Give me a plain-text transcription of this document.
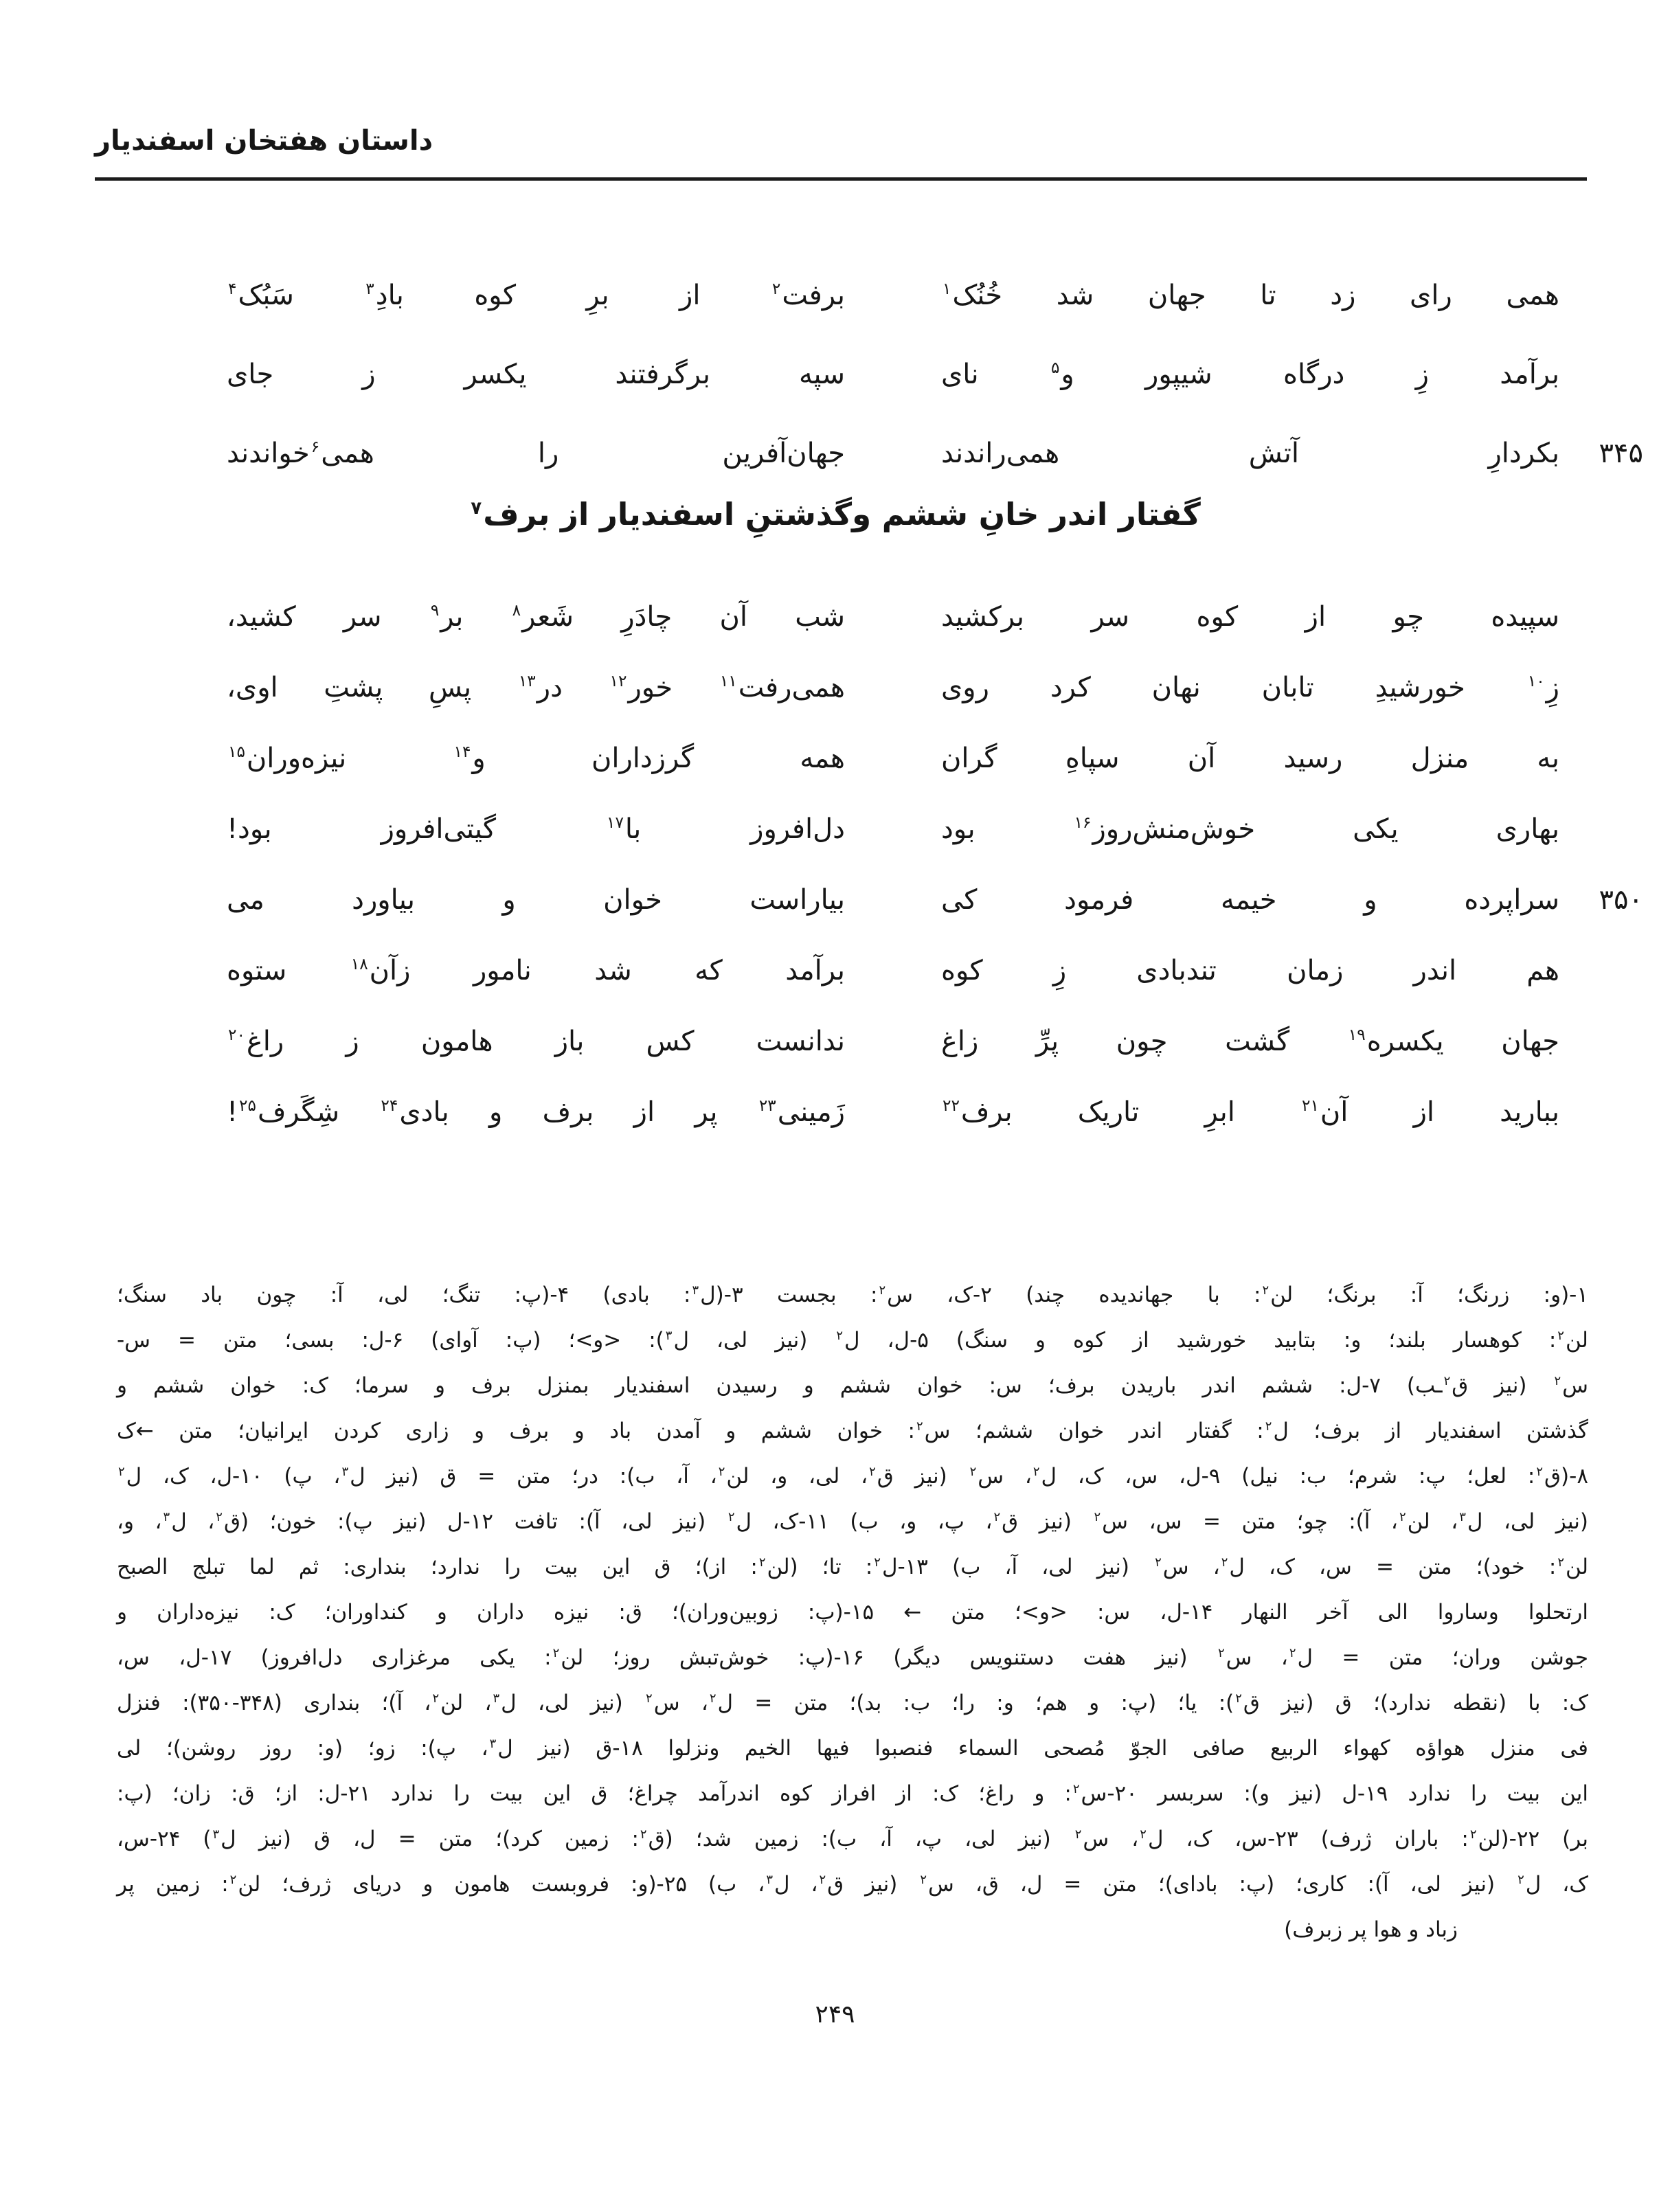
داستان هفتخان اسفندیار
همی رای زد تا جهان شد خُنُک$^۱$
برفت$^۲$ از برِ کوه بادِ$^۳$ سَبُک$^۴$
برآمد زِ درگاه شیپور و$^۵$ نای
سپه برگرفتند یکسر ز جای
۳۴۵
بکردارِ آتش همی‌راندند
جهان‌آفرین را همی$^۶$خواندند
گفتار اندر خانِ ششم وگذشتنِ اسفندیار از برف$^۷$
سپیده چو از کوه سر برکشید
شب آن چادَرِ شَعر$^۸$ بر$^۹$ سر کشید،
زِ$^{۱۰}$ خورشیدِ تابان نهان کرد روی
همی‌رفت$^{۱۱}$ خور$^{۱۲}$ در$^{۱۳}$ پسِ پشتِ اوی،
به منزل رسید آن سپاهِ گران
همه گرزداران و$^{۱۴}$ نیزه‌وران$^{۱۵}$
بهاری یکی خوش‌منش‌روز$^{۱۶}$ بود
دل‌افروز با$^{۱۷}$ گیتی‌افروز بود!
۳۵۰
سراپرده و خیمه فرمود کی
بیاراست خوان و بیاورد می
هم اندر زمان تندبادی زِ کوه
برآمد که شد نامور زآن$^{۱۸}$ ستوه
جهان یکسره$^{۱۹}$ گشت چون پرِّ زاغ
ندانست کس باز هامون ز راغ$^{۲۰}$
ببارید از آن$^{۲۱}$ ابرِ تاریک برف$^{۲۲}$
زَمینی$^{۲۳}$ پر از برف و بادی$^{۲۴}$ شِگَرف$^{۲۵}$!
۱-(و: زرنگ؛ آ: برنگ؛ لن$^۲$: با جهاندیده چند) ۲-ک، س$^۲$: بجست ۳-(ل$^۳$: بادی) ۴-(پ: تنگ؛ لی، آ: چون باد سنگ؛
لن$^۲$: کوهسار بلند؛ و: بتابید خورشید از کوه و سنگ) ۵-ل، ل$^۲$ (نیز لی، ل$^۳$): <و>؛ (پ: آوای) ۶-ل: بسی؛ متن = س-
س$^۲$ (نیز ق$^۲$ـب) ۷-ل: ششم اندر باریدن برف؛ س: خوان ششم و رسیدن اسفندیار بمنزل برف و سرما؛ ک: خوان ششم و
گذشتن اسفندیار از برف؛ ل$^۲$: گفتار اندر خوان ششم؛ س$^۲$: خوان ششم و آمدن باد و برف و زاری کردن ایرانیان؛ متن ←ک
۸-(ق$^۲$: لعل؛ پ: شرم؛ ب: نیل) ۹-ل، س، ک، ل$^۲$، س$^۲$ (نیز ق$^۲$، لی، و، لن$^۲$، آ، ب): در؛ متن = ق (نیز ل$^۳$، پ) ۱۰-ل، ک، ل$^۲$
(نیز لی، ل$^۳$، لن$^۲$، آ): چو؛ متن = س، س$^۲$ (نیز ق$^۲$، پ، و، ب) ۱۱-ک، ل$^۲$ (نیز لی، آ): تافت ۱۲-ل (نیز پ): خون؛ (ق$^۲$، ل$^۳$، و،
لن$^۲$: خود)؛ متن = س، ک، ل$^۲$، س$^۲$ (نیز لی، آ، ب) ۱۳-ل$^۲$: تا؛ (لن$^۲$: از)؛ ق این بیت را ندارد؛ بنداری: ثم لما تبلج الصبح
ارتحلوا وساروا الی آخر النهار ۱۴-ل، س: <و>؛ متن ← ۱۵-(پ: زوبین‌وران)؛ ق: نیزه داران و کنداوران؛ ک: نیزه‌داران و
جوشن وران؛ متن = ل$^۲$، س$^۲$ (نیز هفت دستنویس دیگر) ۱۶-(پ: خوش‌تبش روز؛ لن$^۲$: یکی مرغزاری دل‌افروز) ۱۷-ل، س،
ک: با (نقطه ندارد)؛ ق (نیز ق$^۲$): یا؛ (پ: و هم؛ و: را؛ ب: بد)؛ متن = ل$^۲$، س$^۲$ (نیز لی، ل$^۳$، لن$^۲$، آ)؛ بنداری (۳۴۸-۳۵۰): فنزل
فی منزل هواؤه کهواء الربیع صافی الجوّ مُصحی السماء فنصبوا فیها الخیم ونزلوا ۱۸-ق (نیز ل$^۳$، پ): زو؛ (و: روز روشن)؛ لی
این بیت را ندارد ۱۹-ل (نیز و): سربسر ۲۰-س$^۲$: و راغ؛ ک: از افراز کوه اندرآمد چراغ؛ ق این بیت را ندارد ۲۱-ل: از؛ ق: زان؛ (پ:
بر) ۲۲-(لن$^۲$: باران ژرف) ۲۳-س، ک، ل$^۲$، س$^۲$ (نیز لی، پ، آ، ب): زمین شد؛ (ق$^۲$: زمین کرد)؛ متن = ل، ق (نیز ل$^۳$) ۲۴-س،
ک، ل$^۲$ (نیز لی، آ): کاری؛ (پ: بادای)؛ متن = ل، ق، س$^۲$ (نیز ق$^۲$، ل$^۳$، ب) ۲۵-(و: فروبست هامون و دریای ژرف؛ لن$^۲$: زمین پر
زباد و هوا پر زبرف)
۲۴۹
